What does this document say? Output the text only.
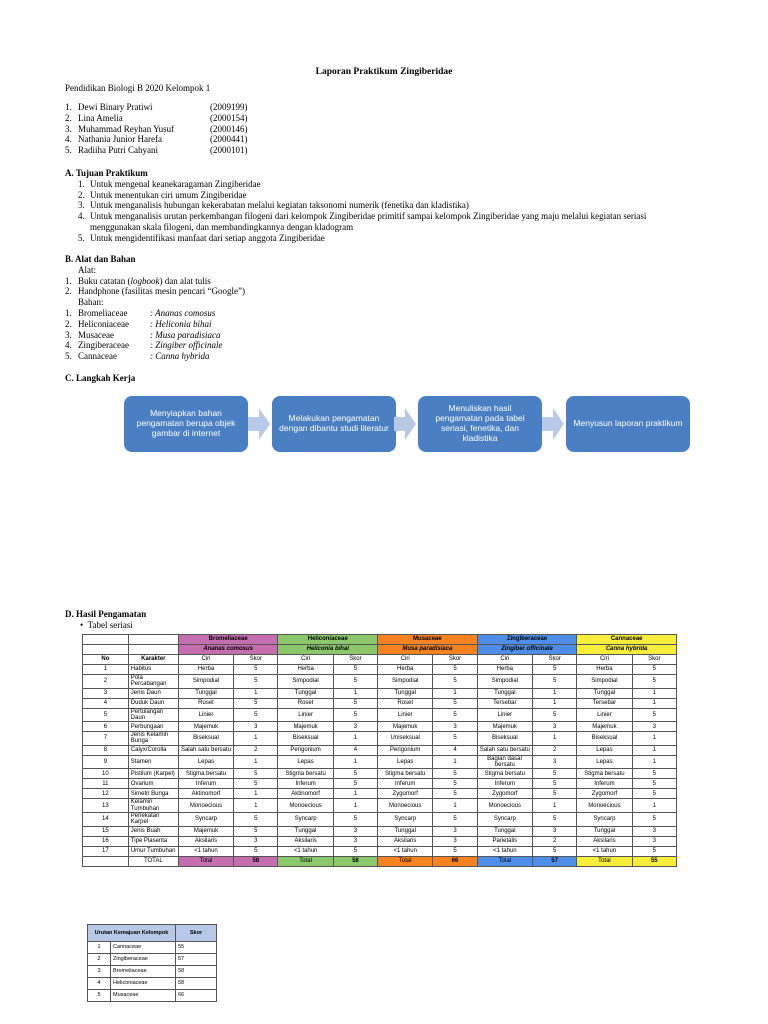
Laporan Praktikum Zingiberidae
Pendidikan Biologi B 2020 Kelompok 1
1. Dewi Binary Pratiwi	(2009199)
2. Lina Amelia	(2000154)
3. Muhammad Reyhan Yusuf	(2000146)
4. Nathania Junior Harefa	(2000441)
5. Radiiha Putri Cahyani	(2000101)
A. Tujuan Praktikum
1. Untuk mengenal keanekaragaman Zingiberidae
2. Untuk menentukan ciri umum Zingiberidae
3. Untuk menganalisis hubungan kekerabatan melalui kegiatan taksonomi numerik (fenetika dan kladistika)
4. Untuk menganalisis urutan perkembangan filogeni dari kelompok Zingiberidae primitif sampai kelompok Zingiberidae yang maju melalui kegiatan seriasi
menggunakan skala filogeni, dan membandingkannya dengan kladogram
5. Untuk mengidentifikasi manfaat dari setiap anggota Zingiberidae
B. Alat dan Bahan
Alat:
1. Buku catatan (logbook) dan alat tulis
2. Handphone (fasilitas mesin pencari “Google”)
Bahan:
1. Bromeliaceae	: Ananas comosus
2. Heliconiaceae : Heliconia bihai
3. Musaceae	: Musa paradisiaca
4. Zingiberaceae : Zingiber officinale
5. Cannaceae	: Canna hybrida
C. Langkah Kerja
Menyiapkan bahan pengamatan berupa objek gambar di internet
Melakukan pengamatan dengan dibantu studi literatur
Menuliskan hasil pengamatan pada tabel seriasi, fenetika, dan kladistika
Menyusun laporan praktikum
D. Hasil Pengamatan
•  Tabel seriasi
		Bromeliaceae		Heliconiaceae		Musaceae		Zingiberaceae		Cannaceae	
		Ananas comosus		Heliconia bihai		Musa paradisiaca		Zingiber officinale		Canna hybrida	
No	Karakter	Ciri	Skor	Ciri	Skor	Ciri	Skor	Ciri	Skor	Ciri	Skor
1	Habitus	Herba	5	Herba	5	Herba	5	Herba	5	Herba	5
2	Pola Percabangan	Simpodial	5	Simpodial	5	Simpodial	5	Simpodial	5	Simpodial	5
3	Jenis Daun	Tunggal	1	Tunggal	1	Tunggal	1	Tunggal	1	Tunggal	1
4	Duduk Daun	Roset	5	Roset	5	Roset	5	Tersebar	1	Tersebar	1
5	Pertulangan Daun	Linier	5	Linier	5	Linier	5	Linier	5	Linier	5
6	Perbungaan	Majemuk	3	Majemuk	3	Majemuk	3	Majemuk	3	Majemuk	3
7	Jenis Kelamin Bunga	Biseksual	1	Biseksual	1	Uniseksual	5	Biseksual	1	Biseksual	1
8	Calyx/Corolla	Salah satu bersatu	2	Perigonium	4	Perigonium	4	Salah satu bersatu	2	Lepas	1
9	Stamen	Lepas	1	Lepas	1	Lepas	1	Bagian dasar bersatu	3	Lepas	1
10	Pistilum (Karpel)	Stigma bersatu	5	Stigma bersatu	5	Stigma bersatu	5	Stigma bersatu	5	Stigma bersatu	5
11	Ovarium	Inferum	5	Inferum	5	Inferum	5	Inferum	5	Inferum	5
12	Simetri Bunga	Aktinomorf	1	Aktinomorf	1	Zygomorf	5	Zygomorf	5	Zygomorf	5
13	Kelamin Tumbuhan	Monoecious	1	Monoecious	1	Monoecious	1	Monoecious	1	Monoecious	1
14	Perlekatan Karpel	Syncarp	5	Syncarp	5	Syncarp	5	Syncarp	5	Syncarp	5
15	Jenis Buah	Majemuk	5	Tunggal	3	Tunggal	3	Tunggal	3	Tunggal	3
16	Tipe Plasenta	Aksilaris	3	Aksilaris	3	Aksilaris	3	Parietalis	2	Aksilaris	3
17	Umur Tumbuhan	<1 tahun	5	<1 tahun	5	<1 tahun	5	<1 tahun	5	<1 tahun	5
	TOTAL	Total	58	Total	58	Total	66	Total	57	Total	55
Urutan Kemajuan Kelompok		Skor
1	Cannaceae	55
2	Zingiberaceae	57
3	Bromeliaceae	58
4	Heliconiaceae	58
5	Musaceae	66
